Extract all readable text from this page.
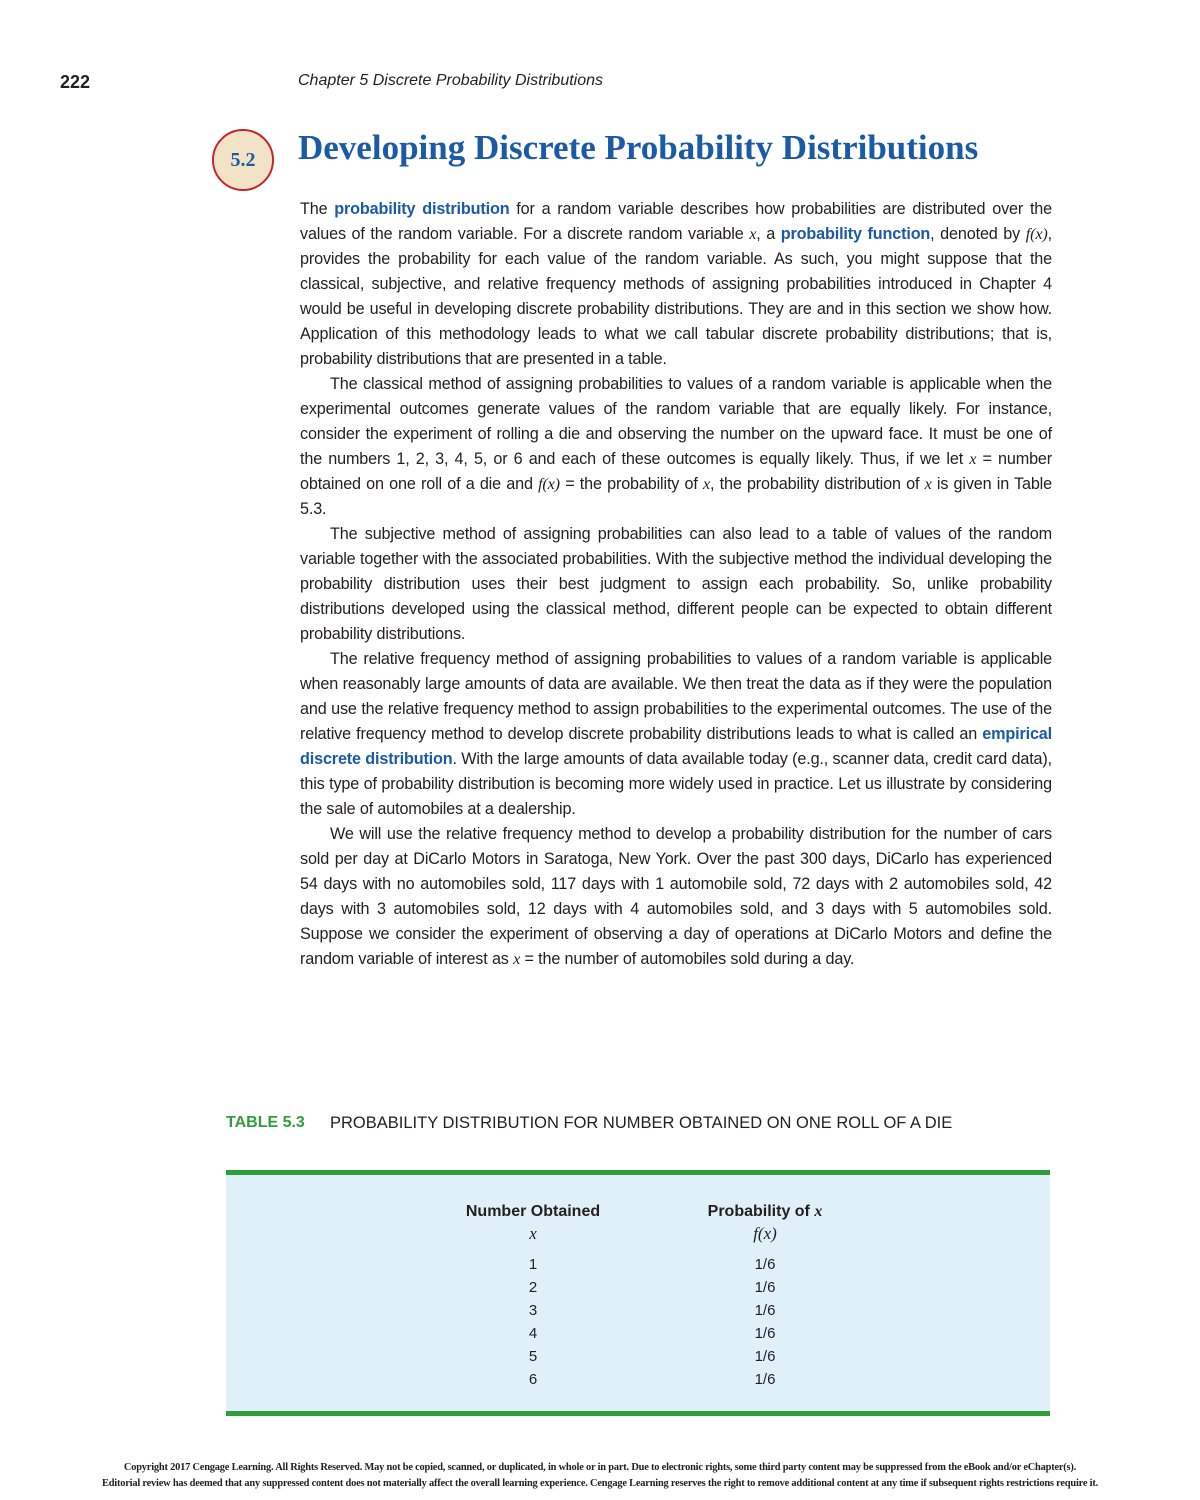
222	Chapter 5 Discrete Probability Distributions
5.2	Developing Discrete Probability Distributions

The probability distribution for a random variable describes how probabilities are distributed over the values of the random variable. For a discrete random variable x, a probability function, denoted by f(x), provides the probability for each value of the random variable. As such, you might suppose that the classical, subjective, and relative frequency methods of assigning probabilities introduced in Chapter 4 would be useful in developing discrete probability distributions. They are and in this section we show how. Application of this methodology leads to what we call tabular discrete probability distributions; that is, probability distributions that are presented in a table.

The classical method of assigning probabilities to values of a random variable is applicable when the experimental outcomes generate values of the random variable that are equally likely. For instance, consider the experiment of rolling a die and observing the number on the upward face. It must be one of the numbers 1, 2, 3, 4, 5, or 6 and each of these outcomes is equally likely. Thus, if we let x = number obtained on one roll of a die and f(x) = the probability of x, the probability distribution of x is given in Table 5.3.

The subjective method of assigning probabilities can also lead to a table of values of the random variable together with the associated probabilities. With the subjective method the individual developing the probability distribution uses their best judgment to assign each probability. So, unlike probability distributions developed using the classical method, different people can be expected to obtain different probability distributions.

The relative frequency method of assigning probabilities to values of a random variable is applicable when reasonably large amounts of data are available. We then treat the data as if they were the population and use the relative frequency method to assign probabilities to the experimental outcomes. The use of the relative frequency method to develop discrete probability distributions leads to what is called an empirical discrete distribution. With the large amounts of data available today (e.g., scanner data, credit card data), this type of probability distribution is becoming more widely used in practice. Let us illustrate by considering the sale of automobiles at a dealership.

We will use the relative frequency method to develop a probability distribution for the number of cars sold per day at DiCarlo Motors in Saratoga, New York. Over the past 300 days, DiCarlo has experienced 54 days with no automobiles sold, 117 days with 1 automobile sold, 72 days with 2 automobiles sold, 42 days with 3 automobiles sold, 12 days with 4 automobiles sold, and 3 days with 5 automobiles sold. Suppose we consider the experiment of observing a day of operations at DiCarlo Motors and define the random variable of interest as x = the number of automobiles sold during a day.

TABLE 5.3 PROBABILITY DISTRIBUTION FOR NUMBER OBTAINED ON ONE ROLL OF A DIE
Number Obtained
x
1
2
3
4
5
6
Probability of x
f(x)
1/6
1/6
1/6
1/6
1/6
1/6
Copyright 2017 Cengage Learning. All Rights Reserved. May not be copied, scanned, or duplicated, in whole or in part. Due to electronic rights, some third party content may be suppressed from the eBook and/or eChapter(s).
Editorial review has deemed that any suppressed content does not materially affect the overall learning experience. Cengage Learning reserves the right to remove additional content at any time if subsequent rights restrictions require it.
